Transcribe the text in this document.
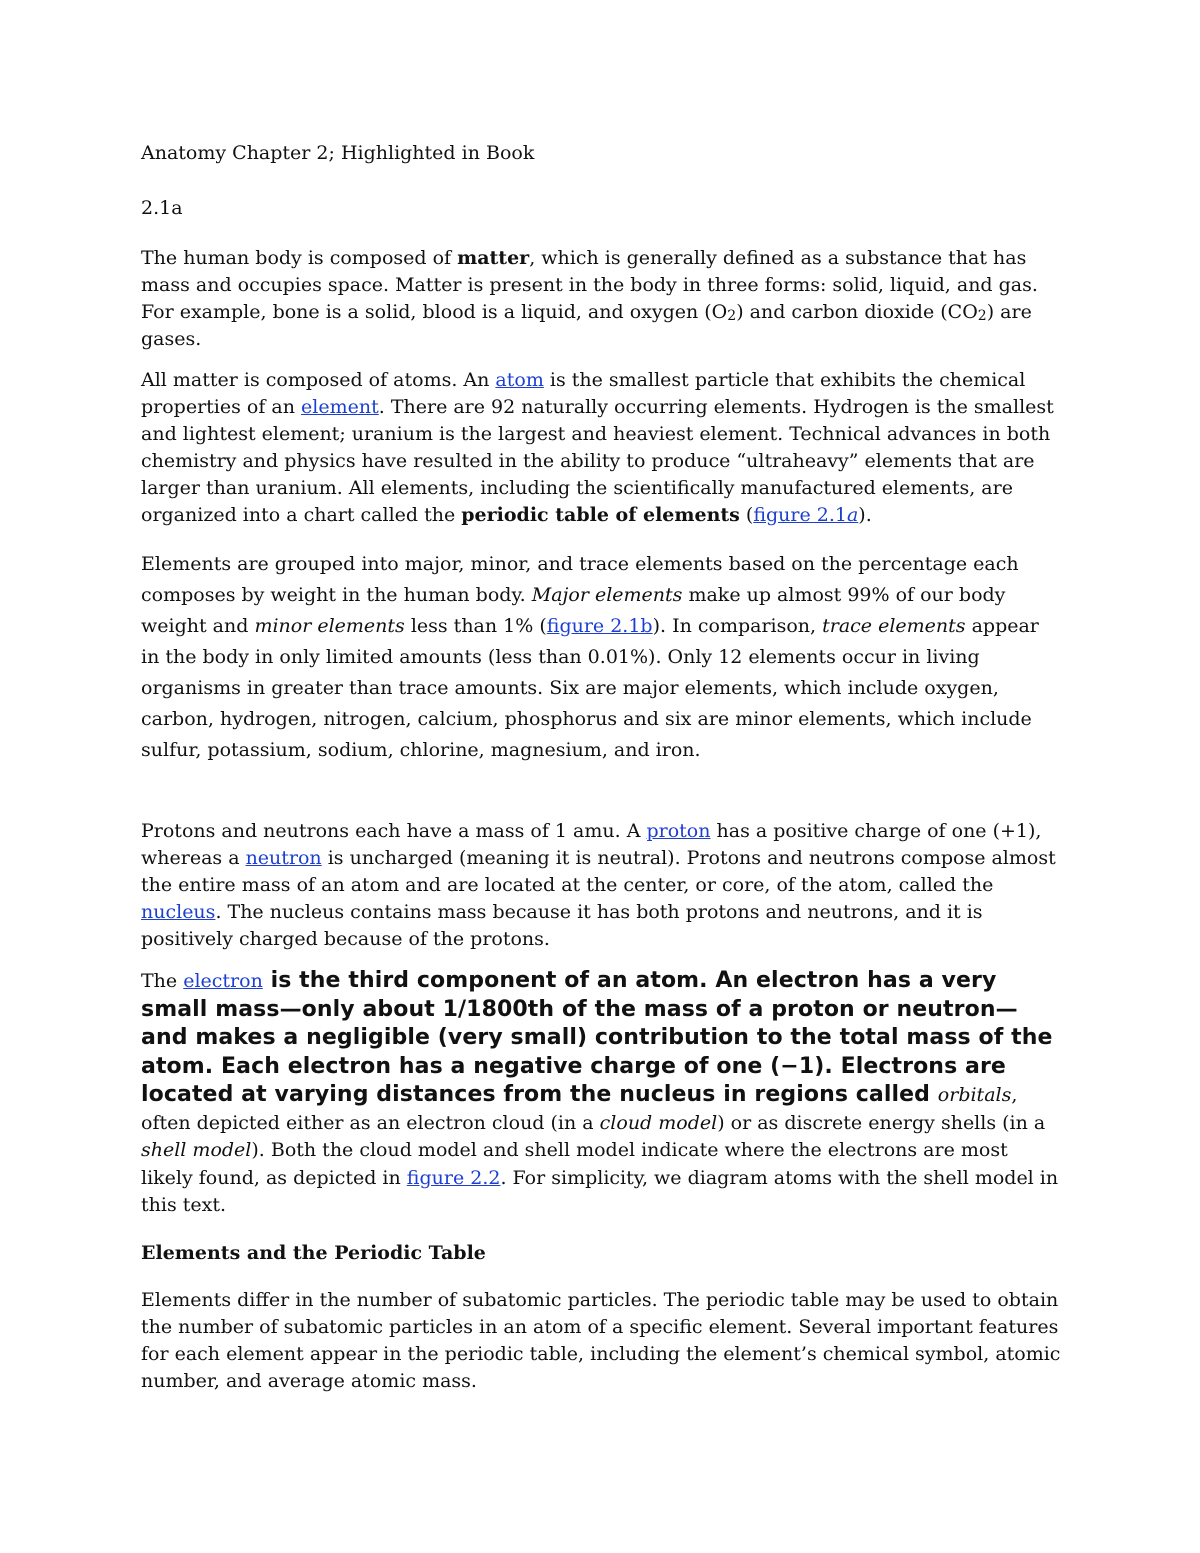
Anatomy Chapter 2; Highlighted in Book

2.1a

The human body is composed of matter, which is generally defined as a substance that has mass and occupies space. Matter is present in the body in three forms: solid, liquid, and gas. For example, bone is a solid, blood is a liquid, and oxygen $(O_2)$ and carbon dioxide $(CO_2)$ are gases.

All matter is composed of atoms. An atom is the smallest particle that exhibits the chemical properties of an element. There are 92 naturally occurring elements. Hydrogen is the smallest and lightest element; uranium is the largest and heaviest element. Technical advances in both chemistry and physics have resulted in the ability to produce “ultraheavy” elements that are larger than uranium. All elements, including the scientifically manufactured elements, are organized into a chart called the periodic table of elements (figure 2.1a).

Elements are grouped into major, minor, and trace elements based on the percentage each composes by weight in the human body. Major elements make up almost 99% of our body weight and minor elements less than 1% (figure 2.1b). In comparison, trace elements appear in the body in only limited amounts (less than 0.01%). Only 12 elements occur in living organisms in greater than trace amounts. Six are major elements, which include oxygen, carbon, hydrogen, nitrogen, calcium, phosphorus and six are minor elements, which include sulfur, potassium, sodium, chlorine, magnesium, and iron.

Protons and neutrons each have a mass of 1 amu. A proton has a positive charge of one (+1), whereas a neutron is uncharged (meaning it is neutral). Protons and neutrons compose almost the entire mass of an atom and are located at the center, or core, of the atom, called the nucleus. The nucleus contains mass because it has both protons and neutrons, and it is positively charged because of the protons.

The electron is the third component of an atom. An electron has a very small mass—only about 1/1800th of the mass of a proton or neutron—and makes a negligible (very small) contribution to the total mass of the atom. Each electron has a negative charge of one (−1). Electrons are located at varying distances from the nucleus in regions called orbitals, often depicted either as an electron cloud (in a cloud model) or as discrete energy shells (in a shell model). Both the cloud model and shell model indicate where the electrons are most likely found, as depicted in figure 2.2. For simplicity, we diagram atoms with the shell model in this text.

Elements and the Periodic Table

Elements differ in the number of subatomic particles. The periodic table may be used to obtain the number of subatomic particles in an atom of a specific element. Several important features for each element appear in the periodic table, including the element’s chemical symbol, atomic number, and average atomic mass.
